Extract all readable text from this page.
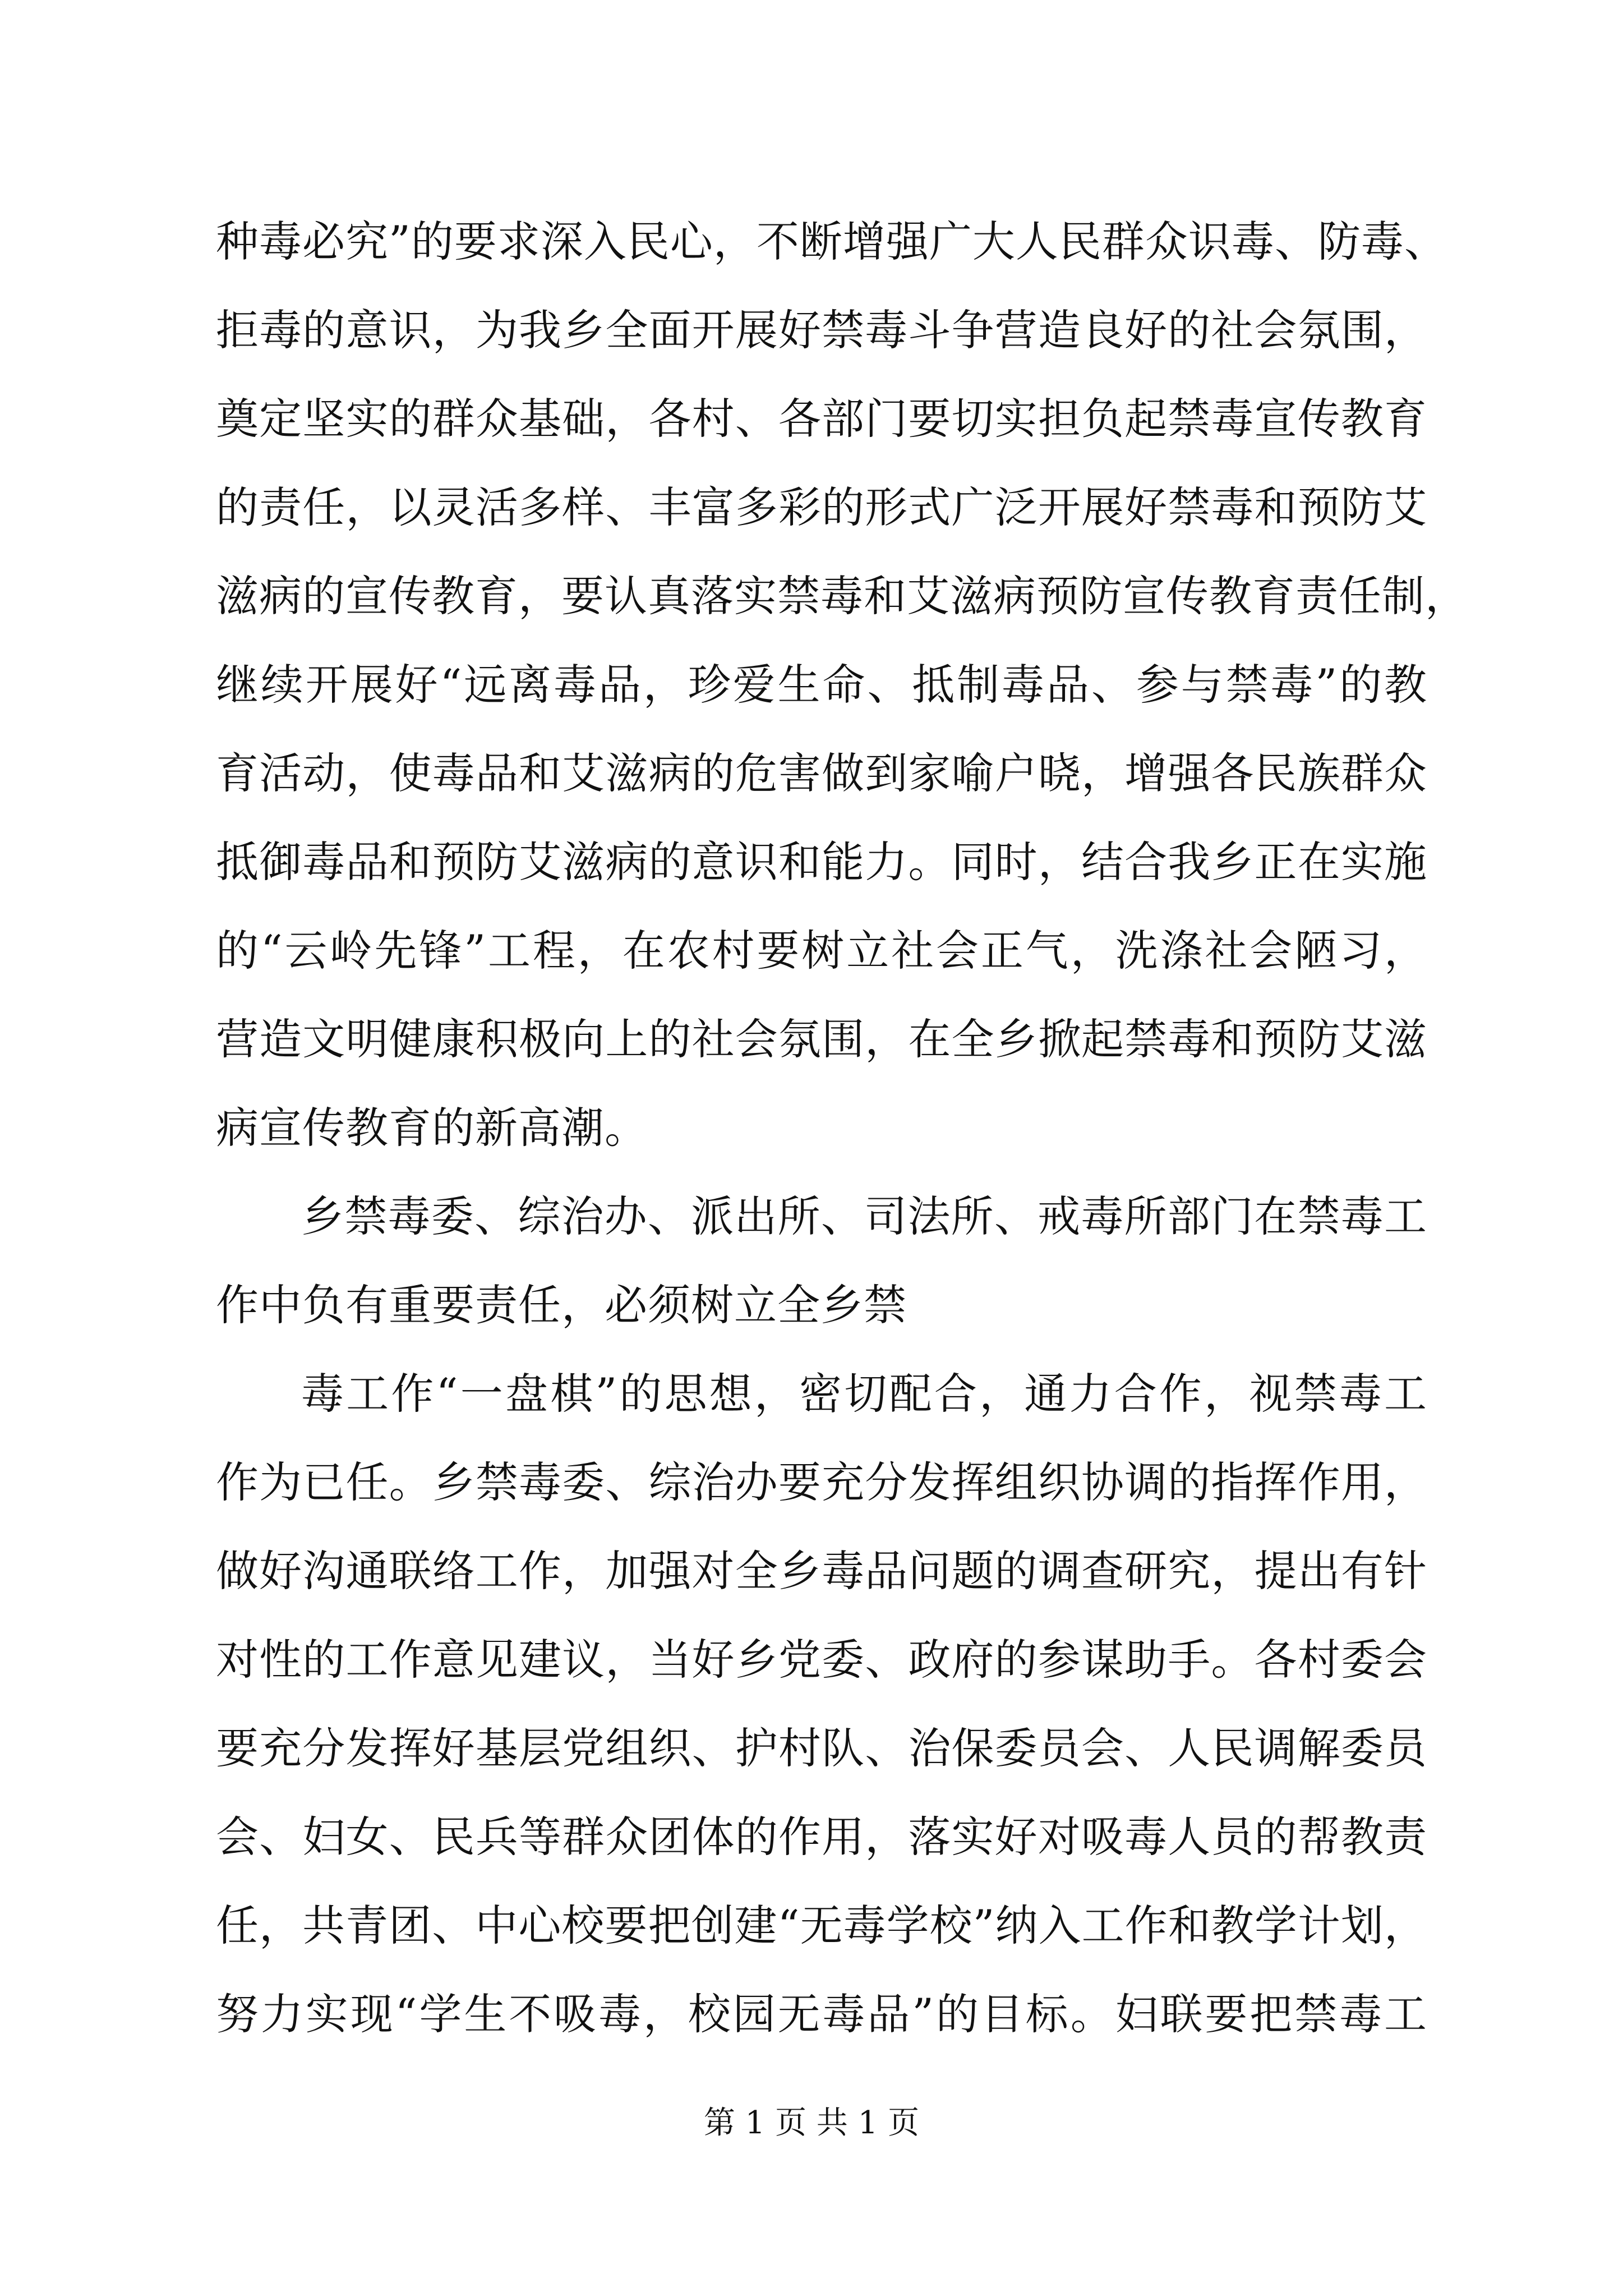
种毒必究”的要求深入民心，不断增强广大人民群众识毒、防毒、
拒毒的意识，为我乡全面开展好禁毒斗争营造良好的社会氛围，
奠定坚实的群众基础，各村、各部门要切实担负起禁毒宣传教育
的责任，以灵活多样、丰富多彩的形式广泛开展好禁毒和预防艾
滋病的宣传教育，要认真落实禁毒和艾滋病预防宣传教育责任制，
继续开展好“远离毒品，珍爱生命、抵制毒品、参与禁毒”的教
育活动，使毒品和艾滋病的危害做到家喻户晓，增强各民族群众
抵御毒品和预防艾滋病的意识和能力。同时，结合我乡正在实施
的“云岭先锋”工程，在农村要树立社会正气，洗涤社会陋习，
营造文明健康积极向上的社会氛围，在全乡掀起禁毒和预防艾滋
病宣传教育的新高潮。
乡禁毒委、综治办、派出所、司法所、戒毒所部门在禁毒工
作中负有重要责任，必须树立全乡禁
毒工作“一盘棋”的思想，密切配合，通力合作，视禁毒工
作为已任。乡禁毒委、综治办要充分发挥组织协调的指挥作用，
做好沟通联络工作，加强对全乡毒品问题的调查研究，提出有针
对性的工作意见建议，当好乡党委、政府的参谋助手。各村委会
要充分发挥好基层党组织、护村队、治保委员会、人民调解委员
会、妇女、民兵等群众团体的作用，落实好对吸毒人员的帮教责
任，共青团、中心校要把创建“无毒学校”纳入工作和教学计划，
努力实现“学生不吸毒，校园无毒品”的目标。妇联要把禁毒工
第 1 页 共 1 页
